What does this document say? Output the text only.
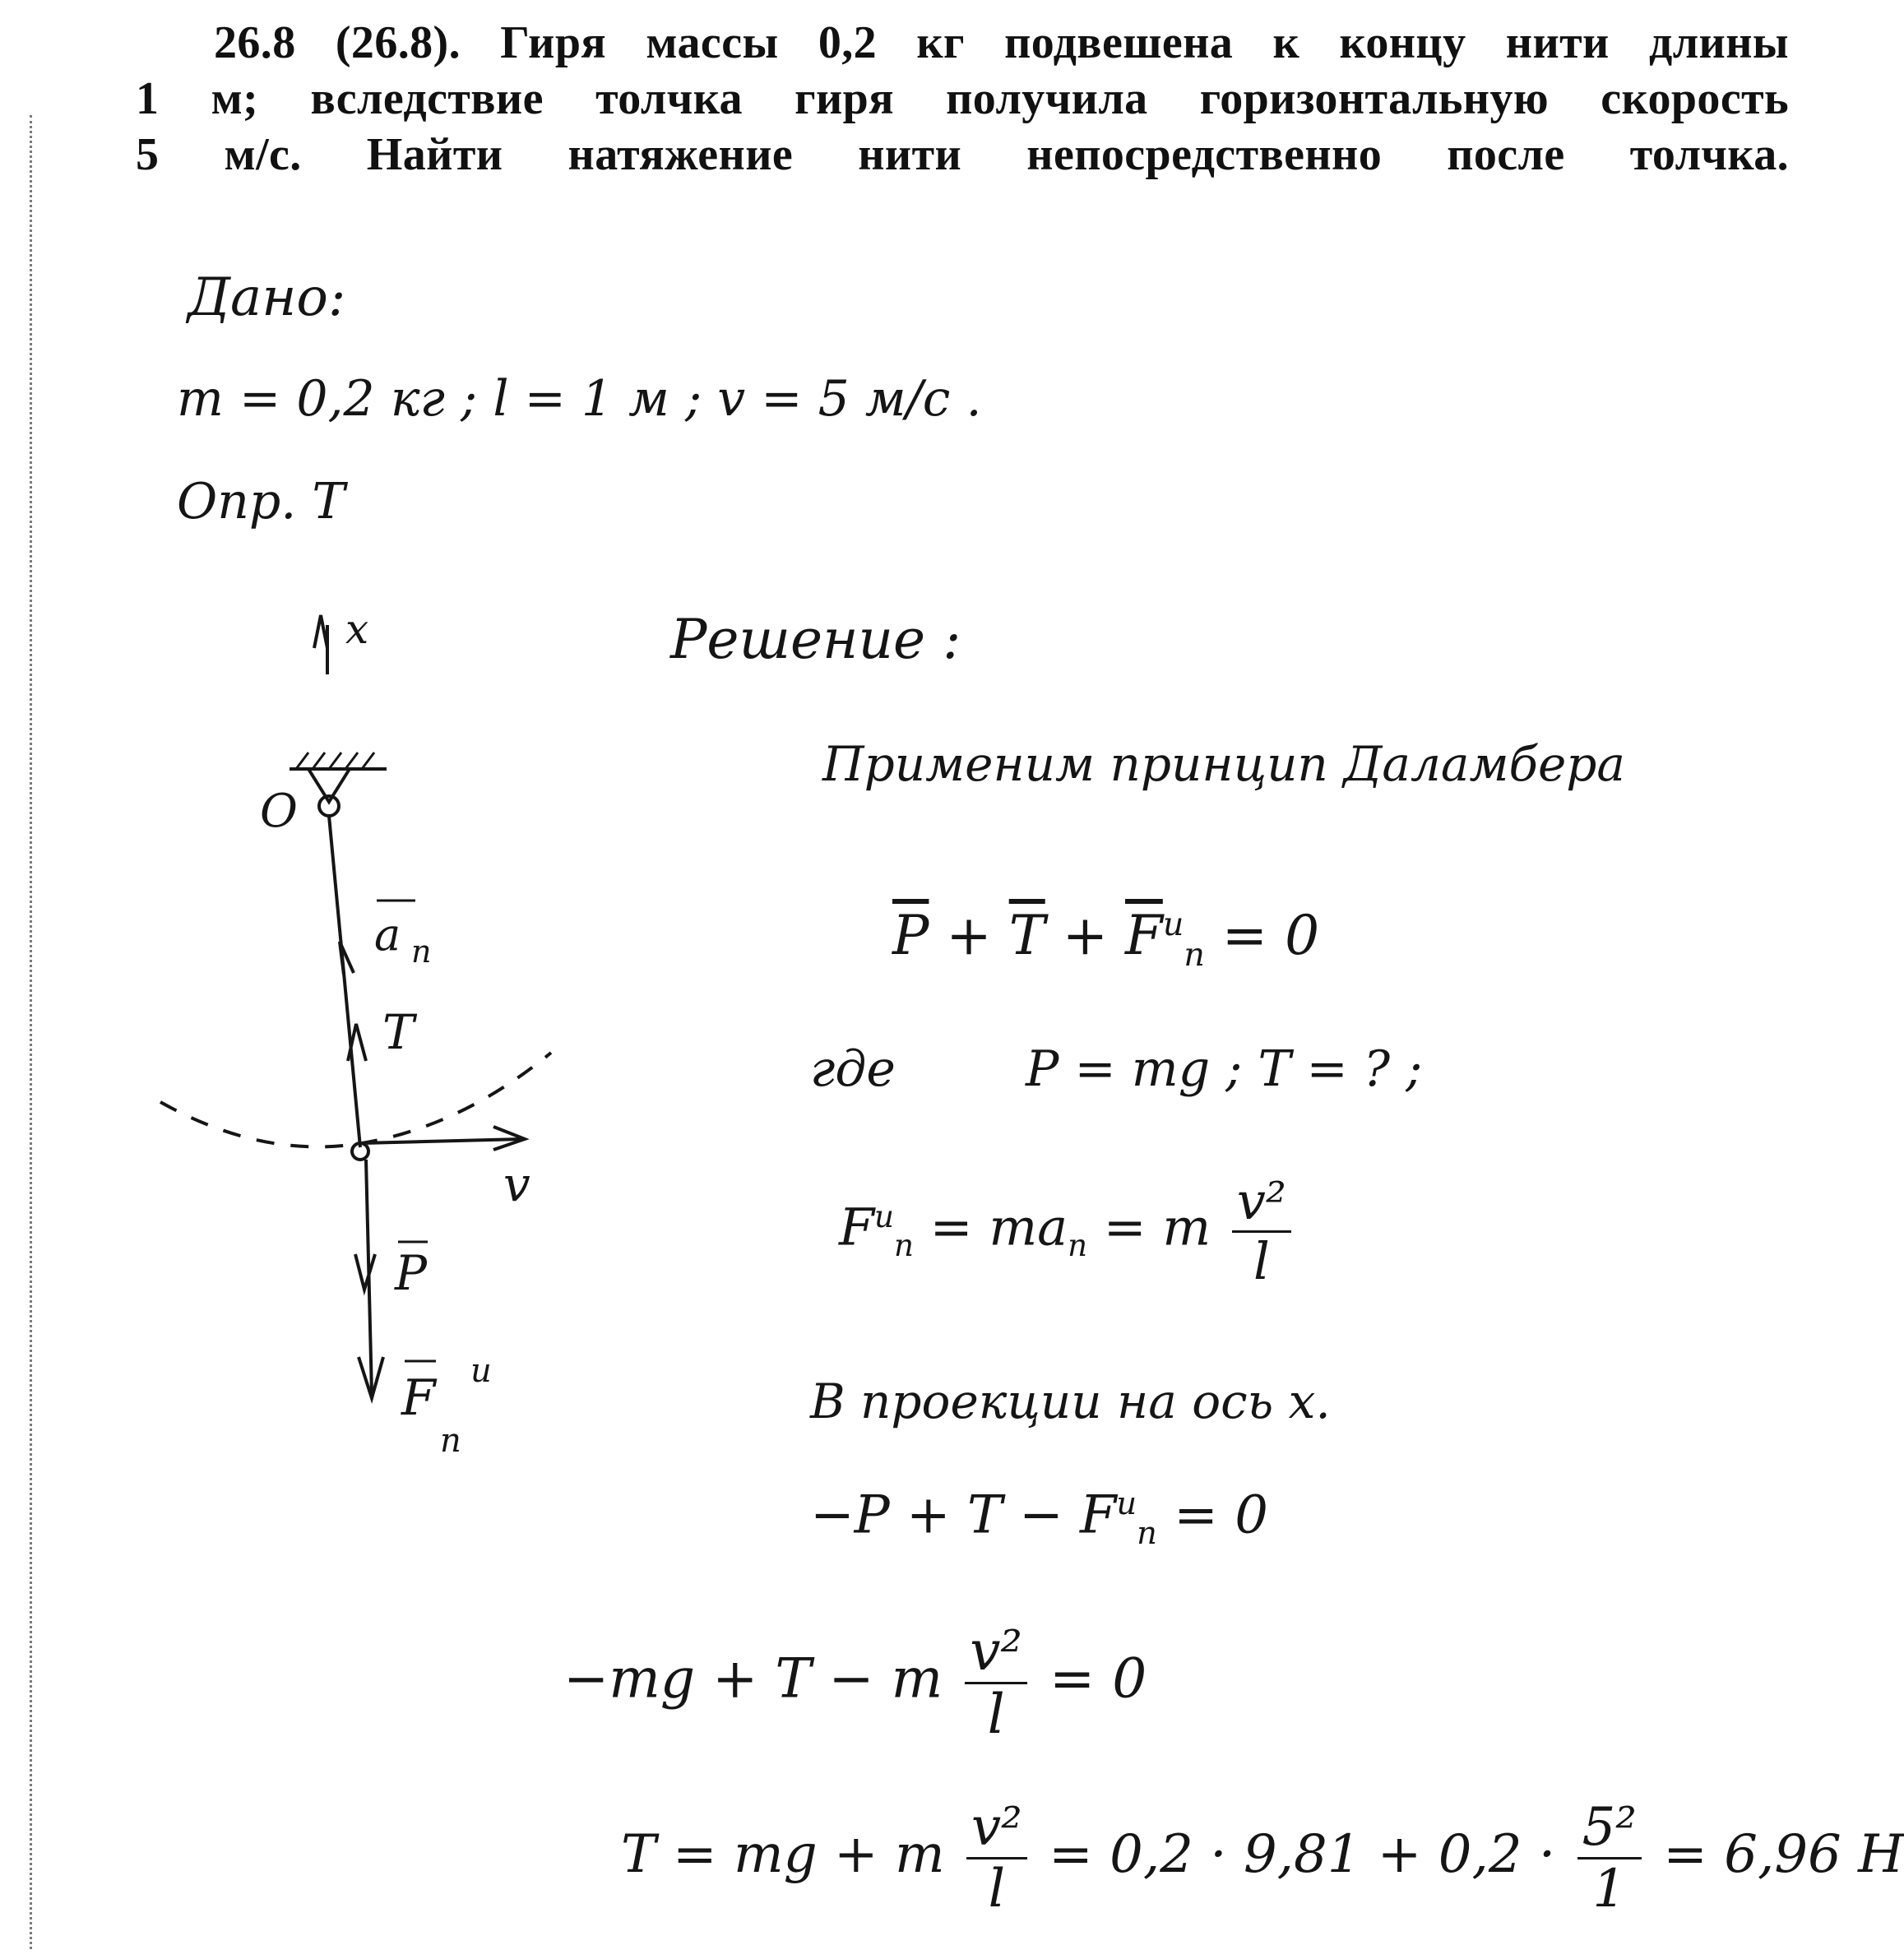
26.8 (26.8). Гиря массы 0,2 кг подвешена к концу нити длины

1 м; вследствие толчка гиря получила горизонтальную скорость

5 м/с. Найти натяжение нити непосредственно после толчка.

Дано:
m = 0,2 кг ; l = 1 м ; v = 5 м/с .
Опр. T
x
O
a n
T
v
P
F u
n
Решение :
Применим принцип Даламбера
$\overline{P} + \overline{T} + \overline{F}^u_n = 0$
где	P = mg ; T = ? ;
$F^u_n = ma_n = m \frac{\text{v²}}{l}$
В проекции на ось x.
$-P + T - F^u_n = 0$
−mg + T − m $\frac{\text{v²}}{l} = 0$
T = mg + m $\frac{\text{v²}}{l} = 0,2 \cdot 9,81 + 0,2 \cdot \frac{\text{5²}}{1} = 6,96$ Н
